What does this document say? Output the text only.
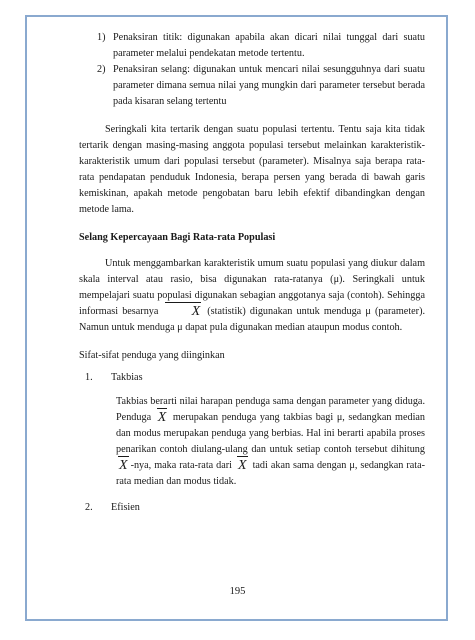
1) Penaksiran titik: digunakan apabila akan dicari nilai tunggal dari suatu parameter melalui pendekatan metode tertentu.
2) Penaksiran selang: digunakan untuk mencari nilai sesungguhnya dari suatu parameter dimana semua nilai yang mungkin dari parameter tersebut berada pada kisaran selang tertentu

Seringkali kita tertarik dengan suatu populasi tertentu. Tentu saja kita tidak tertarik dengan masing-masing anggota populasi tersebut melainkan karakteristik-karakteristik umum dari populasi tersebut (parameter). Misalnya saja berapa rata-rata pendapatan penduduk Indonesia, berapa persen yang berada di bawah garis kemiskinan, apakah metode pengobatan baru lebih efektif dibandingkan dengan metode lama.

Selang Kepercayaan Bagi Rata-rata Populasi

Untuk menggambarkan karakteristik umum suatu populasi yang diukur dalam skala interval atau rasio, bisa digunakan rata-ratanya (μ). Seringkali untuk mempelajari suatu populasi digunakan sebagian anggotanya saja (contoh). Sehingga informasi besarnya X (statistik) digunakan untuk menduga μ (parameter). Namun untuk menduga μ dapat pula digunakan median ataupun modus contoh.

Sifat-sifat penduga yang diinginkan

1. Takbias

Takbias berarti nilai harapan penduga sama dengan parameter yang diduga. Penduga X merupakan penduga yang takbias bagi μ, sedangkan median dan modus merupakan penduga yang berbias. Hal ini berarti apabila proses penarikan contoh diulang-ulang dan untuk setiap contoh tersebut dihitung X -nya, maka rata-rata dari X tadi akan sama dengan μ, sedangkan rata-rata median dan modus tidak.

2. Efisien
195
